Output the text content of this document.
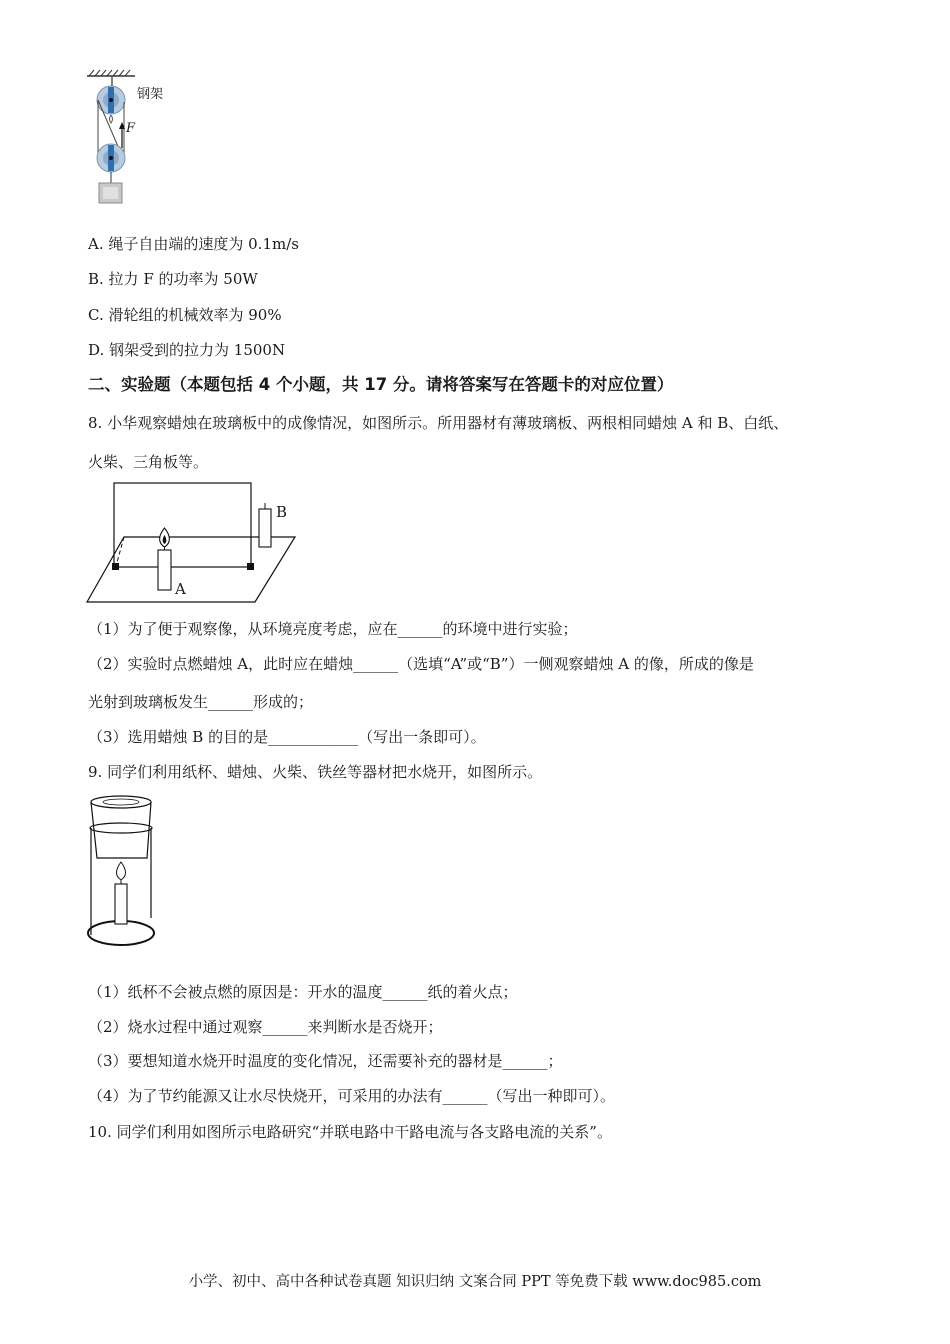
钢架
F
A. 绳子自由端的速度为 0.1m/s
B. 拉力 F 的功率为 50W
C. 滑轮组的机械效率为 90%
D. 钢架受到的拉力为 1500N
二、实验题（本题包括 4 个小题，共 17 分。请将答案写在答题卡的对应位置）
8. 小华观察蜡烛在玻璃板中的成像情况，如图所示。所用器材有薄玻璃板、两根相同蜡烛 A 和 B、白纸、
火柴、三角板等。
B
A
（1）为了便于观察像，从环境亮度考虑，应在______的环境中进行实验；
（2）实验时点燃蜡烛 A，此时应在蜡烛______（选填“A”或“B”）一侧观察蜡烛 A 的像，所成的像是
光射到玻璃板发生______形成的；
（3）选用蜡烛 B 的目的是____________（写出一条即可）。
9. 同学们利用纸杯、蜡烛、火柴、铁丝等器材把水烧开，如图所示。
（1）纸杯不会被点燃的原因是：开水的温度______纸的着火点；
（2）烧水过程中通过观察______来判断水是否烧开；
（3）要想知道水烧开时温度的变化情况，还需要补充的器材是______；
（4）为了节约能源又让水尽快烧开，可采用的办法有______（写出一种即可）。
10. 同学们利用如图所示电路研究“并联电路中干路电流与各支路电流的关系”。
小学、初中、高中各种试卷真题 知识归纳 文案合同 PPT 等免费下载 www.doc985.com
